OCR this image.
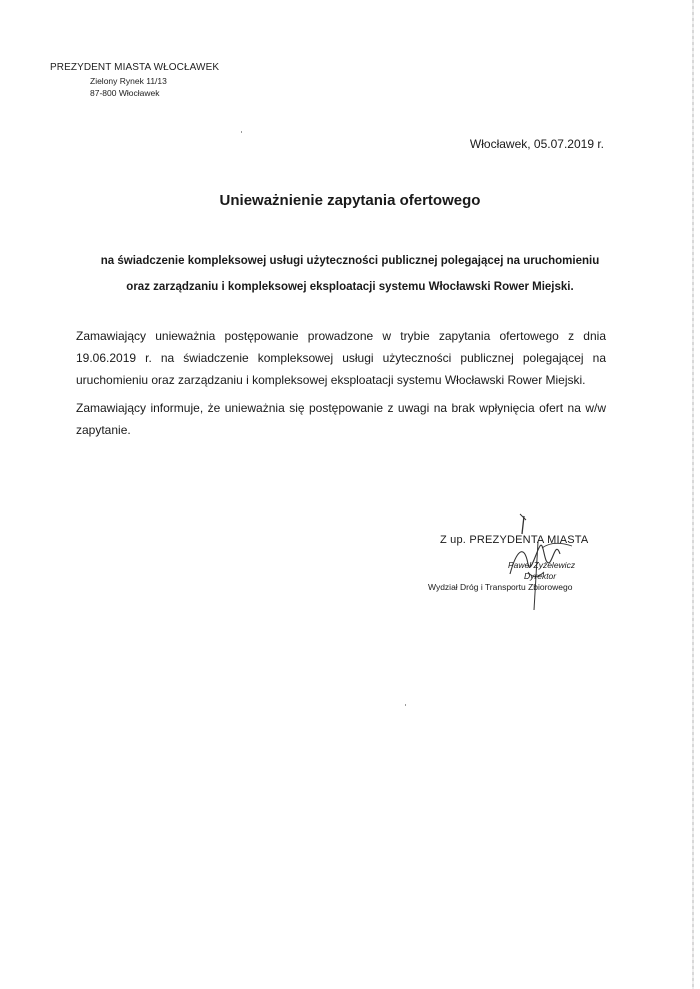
PREZYDENT MIASTA WŁOCŁAWEK
Zielony Rynek 11/13
87-800 Włocławek
Włocławek, 05.07.2019 r.
Unieważnienie zapytania ofertowego
na świadczenie kompleksowej usługi użyteczności publicznej polegającej na uruchomieniu
oraz zarządzaniu i kompleksowej eksploatacji systemu Włocławski Rower Miejski.

Zamawiający unieważnia postępowanie prowadzone w trybie zapytania ofertowego z dnia 19.06.2019 r. na świadczenie kompleksowej usługi użyteczności publicznej polegającej na uruchomieniu oraz zarządzaniu i kompleksowej eksploatacji systemu Włocławski Rower Miejski.

Zamawiający informuje, że unieważnia się postępowanie z uwagi na brak wpłynięcia ofert na w/w zapytanie.

Z up. PREZYDENTA MIASTA
Paweł Żyżelewicz
Dyrektor
Wydział Dróg i Transportu Zbiorowego
